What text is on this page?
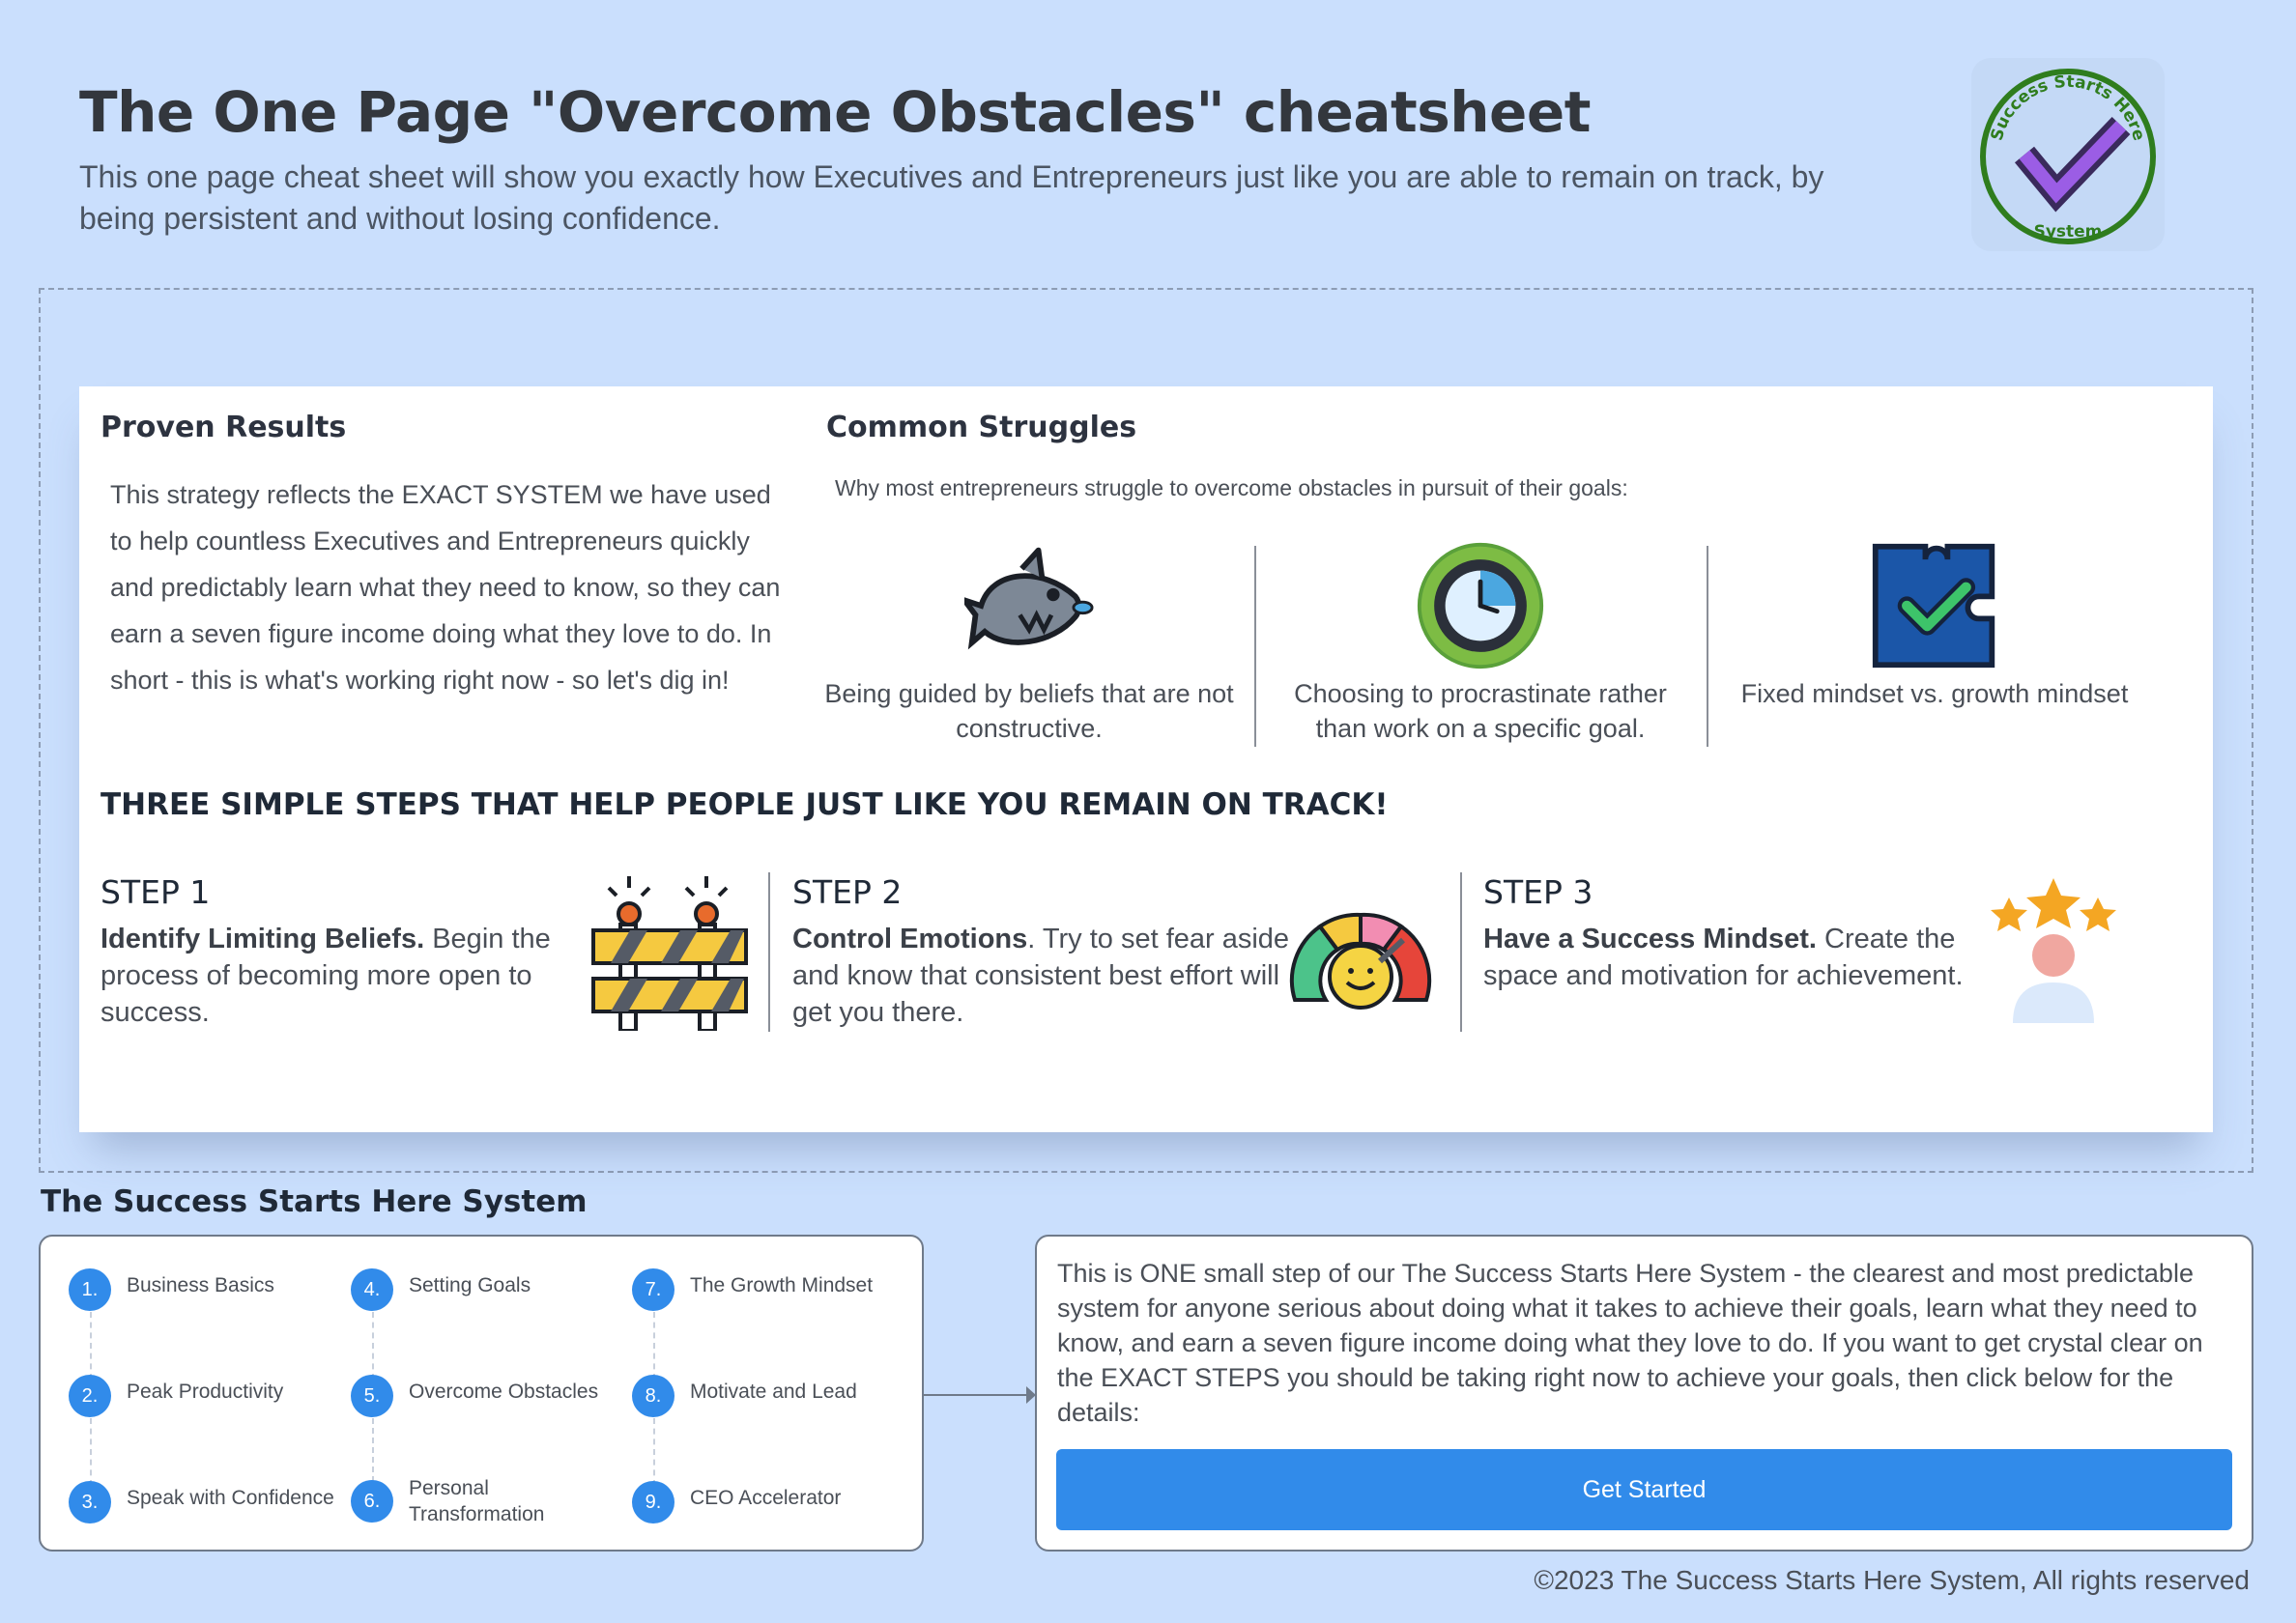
The One Page "Overcome Obstacles" cheatsheet
This one page cheat sheet will show you exactly how Executives and Entrepreneurs just like you are able to remain on track, by being persistent and without losing confidence.
Success Starts Here
System
Proven Results
This strategy reflects the EXACT SYSTEM we have used to help countless Executives and Entrepreneurs quickly and predictably learn what they need to know, so they can earn a seven figure income doing what they love to do. In short - this is what's working right now - so let's dig in!
Common Struggles
Why most entrepreneurs struggle to overcome obstacles in pursuit of their goals:
Being guided by beliefs that are not constructive.
Choosing to procrastinate rather than work on a specific goal.
Fixed mindset vs. growth mindset
THREE SIMPLE STEPS THAT HELP PEOPLE JUST LIKE YOU REMAIN ON TRACK!
STEP 1
Identify Limiting Beliefs. Begin the process of becoming more open to success.
STEP 2
Control Emotions. Try to set fear aside and know that consistent best effort will get you there.
STEP 3
Have a Success Mindset. Create the space and motivation for achievement.
The Success Starts Here System
1.	Business Basics
2.	Peak Productivity
3.	Speak with Confidence
4.	Setting Goals
5.	Overcome Obstacles
6.
Personal Transformation
7.	The Growth Mindset
8.	Motivate and Lead
9.	CEO Accelerator
This is ONE small step of our The Success Starts Here System - the clearest and most predictable system for anyone serious about doing what it takes to achieve their goals, learn what they need to know, and earn a seven figure income doing what they love to do. If you want to get crystal clear on the EXACT STEPS you should be taking right now to achieve your goals, then click below for the details:
Get Started
©2023 The Success Starts Here System, All rights reserved
